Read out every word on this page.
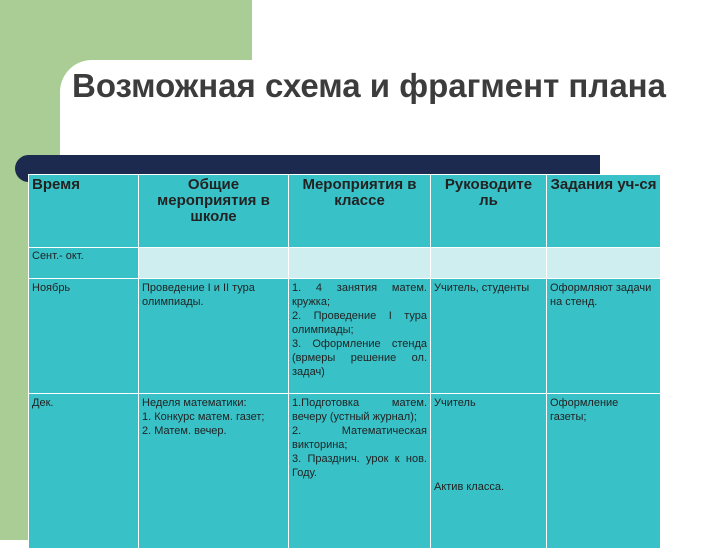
Возможная схема и фрагмент плана
Время	Общие мероприятия в школе	Мероприятия в классе	Руководите ль	Задания уч-ся
Сент.- окт.				
Ноябрь	Проведение I и II тура олимпиады.	1. 4 занятия матем. кружка;
2. Проведение I тура олимпиады;
3. Оформление стенда (врмеры решение ол. задач)	Учитель, студенты	Оформляют задачи на стенд.
Дек.	Неделя математики:
1. Конкурс матем. газет;
2. Матем. вечер.	1.Подготовка матем. вечеру (устный журнал);
2. Математическая викторина;
3. Празднич. урок к нов. Году.	Учитель

Актив класса.	Оформление газеты;
